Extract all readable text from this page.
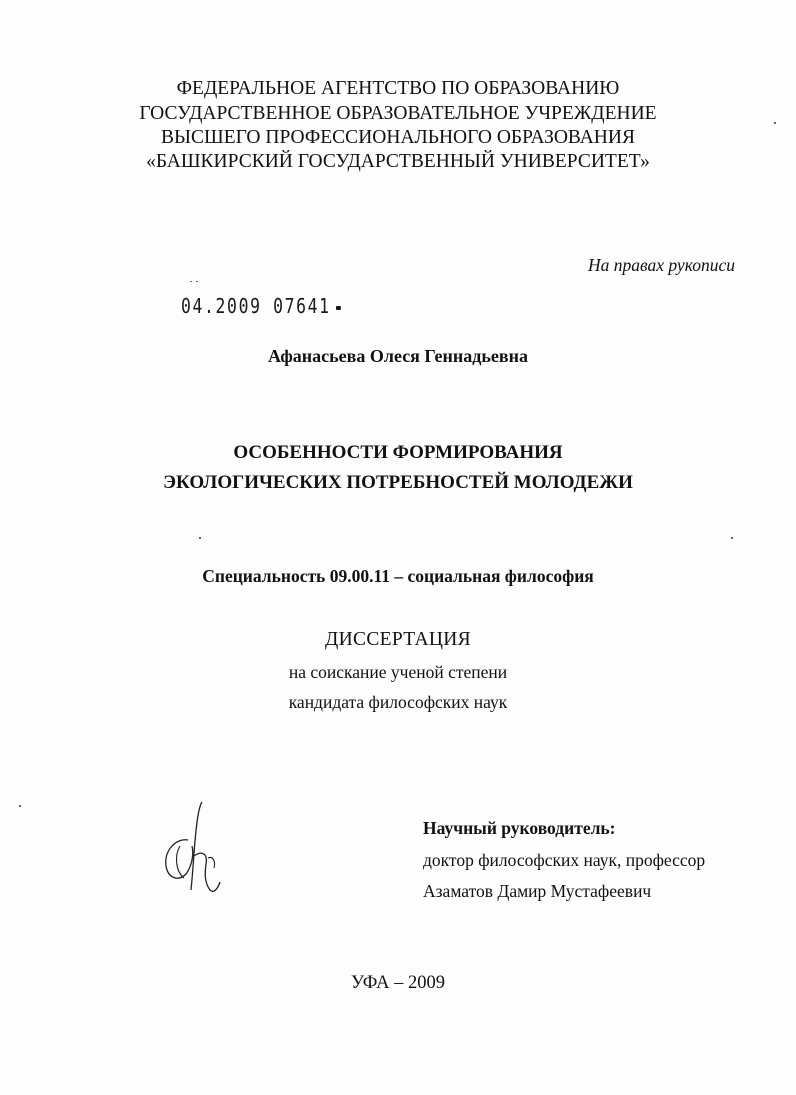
ФЕДЕРАЛЬНОЕ АГЕНТСТВО ПО ОБРАЗОВАНИЮ
ГОСУДАРСТВЕННОЕ ОБРАЗОВАТЕЛЬНОЕ УЧРЕЖДЕНИЕ
ВЫСШЕГО ПРОФЕССИОНАЛЬНОГО ОБРАЗОВАНИЯ
«БАШКИРСКИЙ ГОСУДАРСТВЕННЫЙ УНИВЕРСИТЕТ»
На правах рукописи
04.2009 07641
Афанасьева Олеся Геннадьевна
ОСОБЕННОСТИ ФОРМИРОВАНИЯ
ЭКОЛОГИЧЕСКИХ ПОТРЕБНОСТЕЙ МОЛОДЕЖИ
Специальность 09.00.11 – социальная философия
ДИССЕРТАЦИЯ
на соискание ученой степени
кандидата философских наук
Научный руководитель:
доктор философских наук, профессор
Азаматов Дамир Мустафеевич
УФА – 2009
